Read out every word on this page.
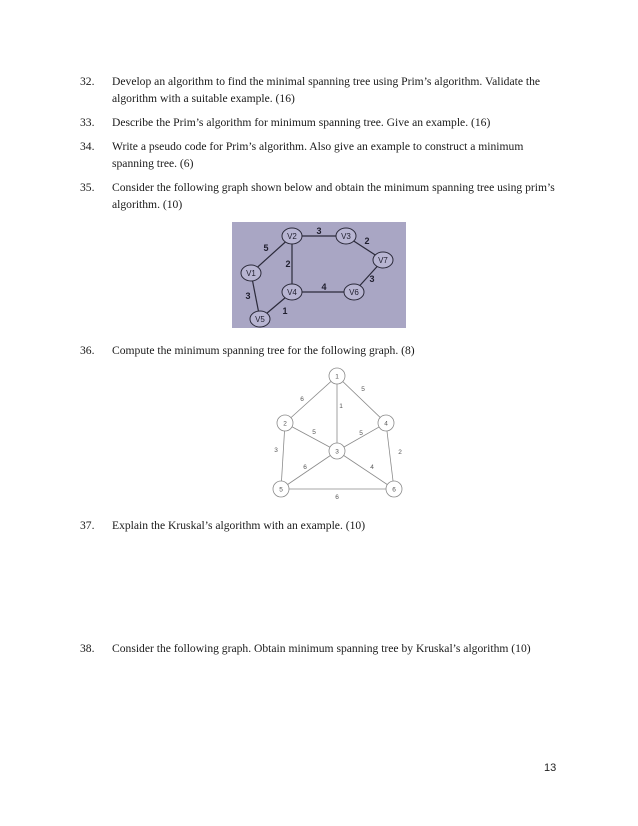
32.	Develop an algorithm to find the minimal spanning tree using Prim’s algorithm. Validate the algorithm with a suitable example. (16)
33.	Describe the Prim’s algorithm for minimum spanning tree. Give an example. (16)
34.	Write a pseudo code for Prim’s algorithm. Also give an example to construct a minimum spanning tree. (6)
35.	Consider the following graph shown below and obtain the minimum spanning tree using prim’s algorithm. (10)
V1
V2	V3
V4
V5
V6
V7
5
3
2
2
4
3
3
1
36.	Compute the minimum spanning tree for the following graph. (8)
1
2
3
4
5	6
6
1
5
5	5
3	2
6	4
6
37.	Explain the Kruskal’s algorithm with an example. (10)
38.	Consider the following graph. Obtain minimum spanning tree by Kruskal’s algorithm (10)
13
